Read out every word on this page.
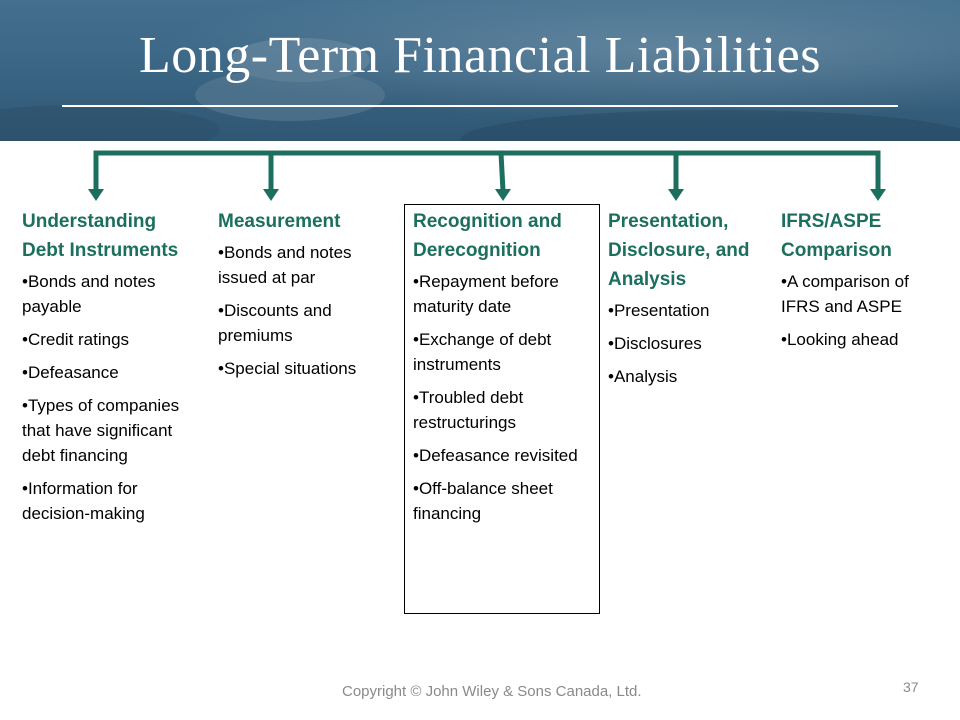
Long-Term Financial Liabilities
Understanding Debt Instruments
• Bonds and notes payable
• Credit ratings
• Defeasance
• Types of companies that have significant debt financing
• Information for decision-making
Measurement
• Bonds and notes issued at par
• Discounts and premiums
• Special situations
Recognition and Derecognition
• Repayment before maturity date
• Exchange of debt instruments
• Troubled debt restructurings
• Defeasance revisited
• Off-balance sheet financing
Presentation, Disclosure, and Analysis
• Presentation
• Disclosures
• Analysis
IFRS/ASPE Comparison
• A comparison of IFRS and ASPE
• Looking ahead
Copyright © John Wiley & Sons Canada, Ltd.	37
